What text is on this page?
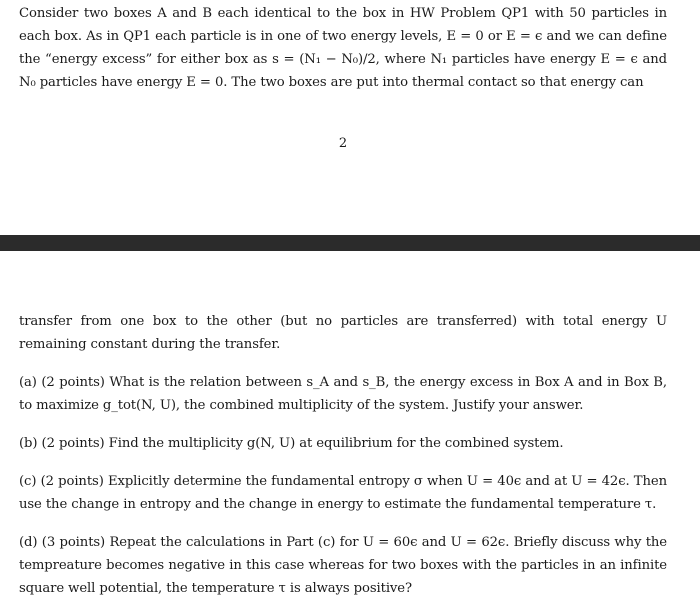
Consider two boxes A and B each identical to the box in HW Problem QP1 with 50 particles in each box. As in QP1 each particle is in one of two energy levels, E = 0 or E = ϵ and we can define the “energy excess” for either box as s = (N₁ − N₀)/2, where N₁ particles have energy E = ϵ and N₀ particles have energy E = 0. The two boxes are put into thermal contact so that energy can

2

transfer from one box to the other (but no particles are transferred) with total energy U remaining constant during the transfer.

(a) (2 points) What is the relation between s_A and s_B, the energy excess in Box A and in Box B, to maximize g_tot(N, U), the combined multiplicity of the system. Justify your answer.

(b) (2 points) Find the multiplicity g(N, U) at equilibrium for the combined system.

(c) (2 points) Explicitly determine the fundamental entropy σ when U = 40ϵ and at U = 42ϵ. Then use the change in entropy and the change in energy to estimate the fundamental temperature τ.

(d) (3 points) Repeat the calculations in Part (c) for U = 60ϵ and U = 62ϵ. Briefly discuss why the tempreature becomes negative in this case whereas for two boxes with the particles in an infinite square well potential, the temperature τ is always positive?
